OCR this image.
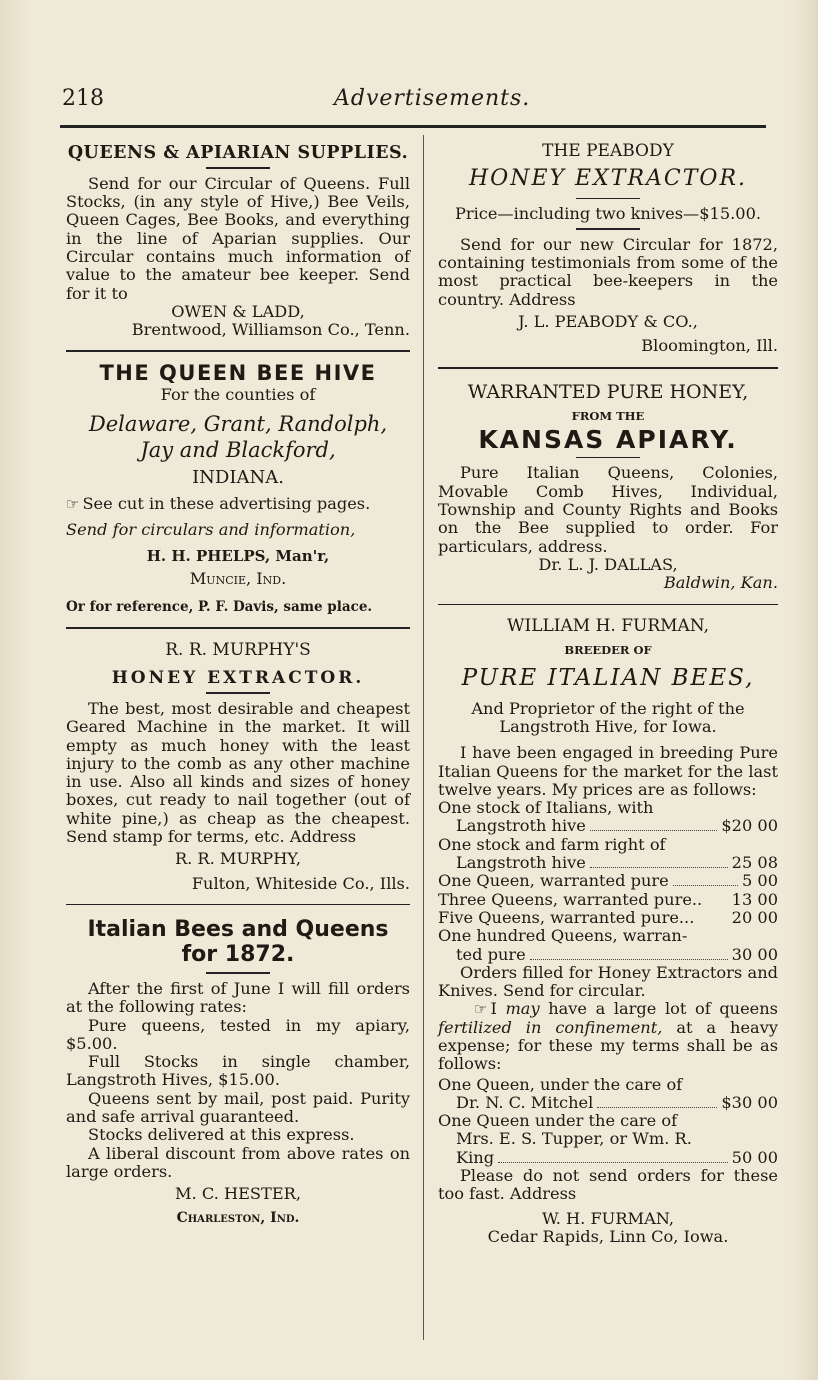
218	Advertisements.
QUEENS & APIARIAN SUPPLIES.
Send for our Circular of Queens. Full Stocks, (in any style of Hive,) Bee Veils, Queen Cages, Bee Books, and everything in the line of Aparian supplies. Our Circular contains much information of value to the amateur bee keeper. Send for it to
OWEN & LADD,
Brentwood, Williamson Co., Tenn.
THE QUEEN BEE HIVE
For the counties of
Delaware, Grant, Randolph,
Jay and Blackford,
INDIANA.
☞ See cut in these advertising pages.
Send for circulars and information,
H. H. PHELPS, Man'r,
Muncie, Ind.
Or for reference, P. F. Davis, same place.
R. R. MURPHY'S
HONEY EXTRACTOR.
The best, most desirable and cheapest Geared Machine in the market. It will empty as much honey with the least injury to the comb as any other machine in use. Also all kinds and sizes of honey boxes, cut ready to nail together (out of white pine,) as cheap as the cheapest. Send stamp for terms, etc. Address
R. R. MURPHY,
Fulton, Whiteside Co., Ills.
Italian Bees and Queens for 1872.
After the first of June I will fill orders at the following rates:
Pure queens, tested in my apiary, $5.00.
Full Stocks in single chamber, Langstroth Hives, $15.00.
Queens sent by mail, post paid. Purity and safe arrival guaranteed.
Stocks delivered at this express.
A liberal discount from above rates on large orders.
M. C. HESTER,
Charleston, Ind.
THE PEABODY
HONEY EXTRACTOR.
Price—including two knives—$15.00.
Send for our new Circular for 1872, containing testimonials from some of the most practical bee-keepers in the country. Address
J. L. PEABODY & CO.,
Bloomington, Ill.
WARRANTED PURE HONEY,
FROM THE
KANSAS APIARY.
Pure Italian Queens, Colonies, Movable Comb Hives, Individual, Township and County Rights and Books on the Bee supplied to order. For particulars, address.
Dr. L. J. DALLAS,
Baldwin, Kan.
WILLIAM H. FURMAN,
BREEDER OF
PURE ITALIAN BEES,
And Proprietor of the right of the Langstroth Hive, for Iowa.
I have been engaged in breeding Pure Italian Queens for the market for the last twelve years. My prices are as follows:
One stock of Italians, with
Langstroth hive	$20 00
One stock and farm right of
Langstroth hive	25 08
One Queen, warranted pure	5 00
Three Queens, warranted pure.. 13 00
Five Queens, warranted pure... 20 00
One hundred Queens, warran-
ted pure	30 00
Orders filled for Honey Extractors and Knives. Send for circular.
☞ I may have a large lot of queens fertilized in confinement, at a heavy expense; for these my terms shall be as follows:
One Queen, under the care of
Dr. N. C. Mitchel	$30 00
One Queen under the care of
Mrs. E. S. Tupper, or Wm. R.
King	50 00
Please do not send orders for these too fast. Address
W. H. FURMAN,
Cedar Rapids, Linn Co, Iowa.
